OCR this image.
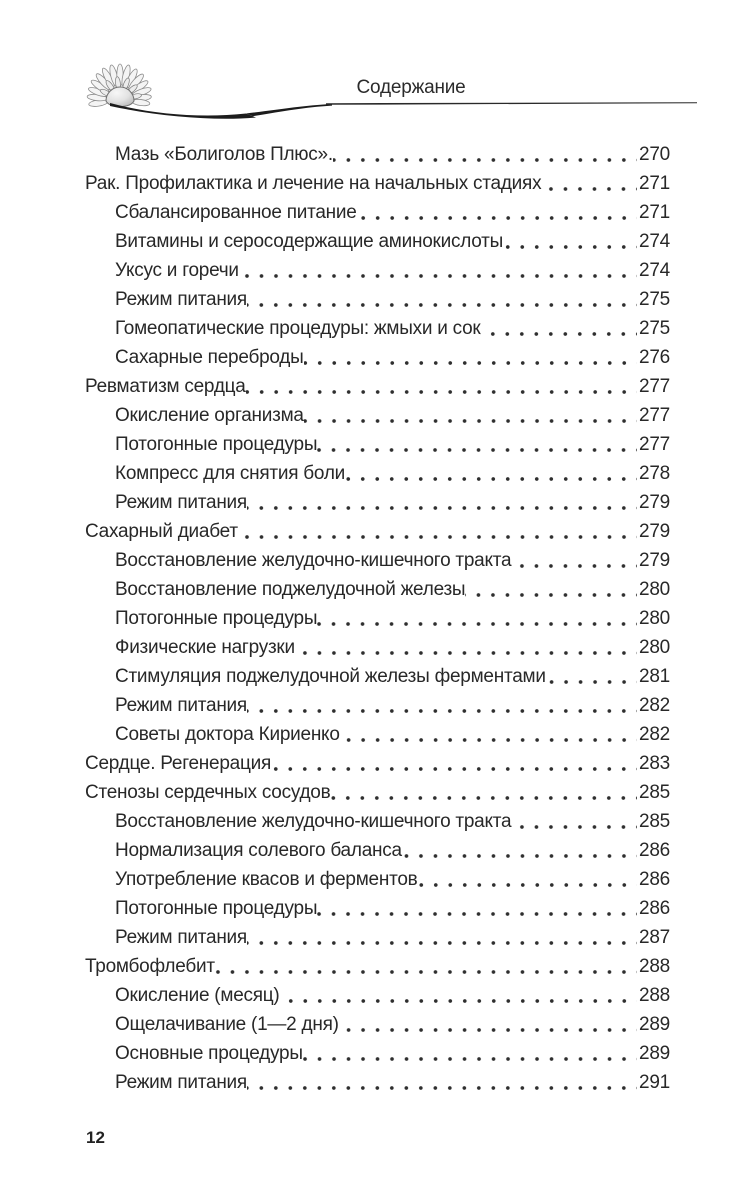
Содержание
Мазь «Болиголов Плюс».	270
Рак. Профилактика и лечение на начальных стадиях	271
Сбалансированное питание	271
Витамины и серосодержащие аминокислоты	274
Уксус и горечи	274
Режим питания	275
Гомеопатические процедуры: жмыхи и сок	275
Сахарные переброды	276
Ревматизм сердца	277
Окисление организма	277
Потогонные процедуры	277
Компресс для снятия боли	278
Режим питания	279
Сахарный диабет	279
Восстановление желудочно-кишечного тракта	279
Восстановление поджелудочной железы	280
Потогонные процедуры	280
Физические нагрузки	280
Стимуляция поджелудочной железы ферментами	281
Режим питания	282
Советы доктора Кириенко	282
Сердце. Регенерация	283
Стенозы сердечных сосудов	285
Восстановление желудочно-кишечного тракта	285
Нормализация солевого баланса	286
Употребление квасов и ферментов	286
Потогонные процедуры	286
Режим питания	287
Тромбофлебит	288
Окисление (месяц)	288
Ощелачивание (1—2 дня)	289
Основные процедуры	289
Режим питания	291
12
